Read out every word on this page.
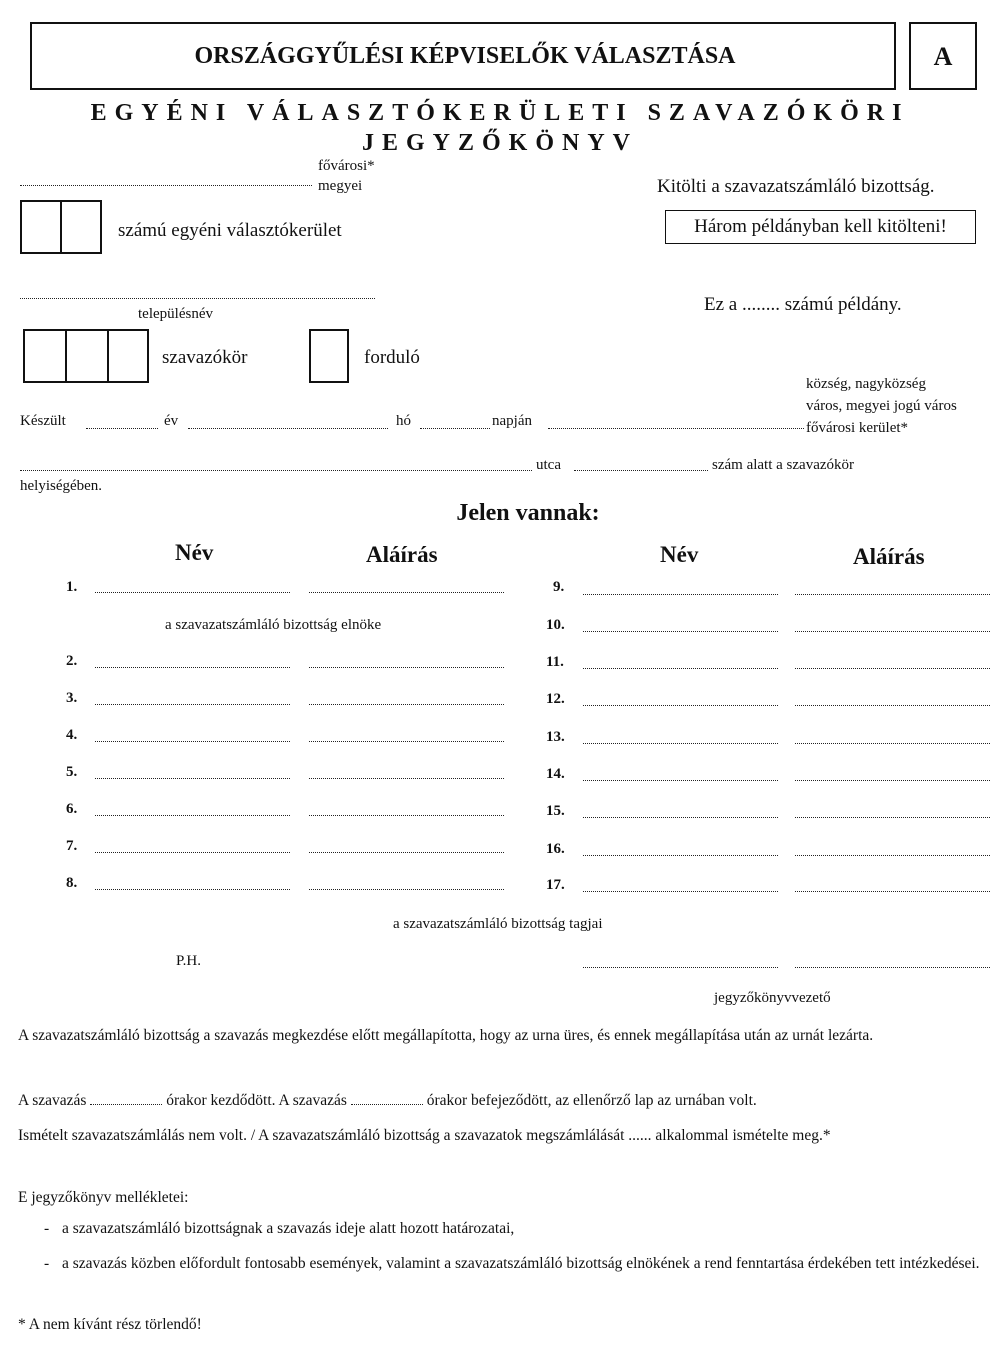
ORSZÁGGYŰLÉSI KÉPVISELŐK VÁLASZTÁSA	A
EGYÉNI VÁLASZTÓKERÜLETI SZAVAZÓKÖRI
JEGYZŐKÖNYV
fővárosi*
megyei	Kitölti a szavazatszámláló bizottság.
Három példányban kell kitölteni!
számú egyéni választókerület
településnév	Ez a ........ számú példány.
szavazókör	forduló
község, nagyközség
város, megyei jogú város
fővárosi kerület*
Készült	év	hó	napján
utca	szám alatt a szavazókör
helyiségében.
Jelen vannak:
Név	Aláírás	Név	Aláírás
1.
a szavazatszámláló bizottság elnöke
2.
3.
4.
5.
6.
7.
8.
9.
10.
11.
12.
13.
14.
15.
16.
17.
a szavazatszámláló bizottság tagjai
P.H.
jegyzőkönyvvezető
A szavazatszámláló bizottság a szavazás megkezdése előtt megállapította, hogy az urna üres, és ennek megállapítása után az urnát lezárta.
A szavazás	órakor kezdődött. A szavazás	órakor befejeződött, az ellenőrző lap az urnában volt.
Ismételt szavazatszámlálás nem volt. / A szavazatszámláló bizottság a szavazatok megszámlálását ...... alkalommal ismételte meg.*
E jegyzőkönyv mellékletei:
- a szavazatszámláló bizottságnak a szavazás ideje alatt hozott határozatai,
- a szavazás közben előfordult fontosabb események, valamint a szavazatszámláló bizottság elnökének a rend fenntartása érdekében tett intézkedései.
* A nem kívánt rész törlendő!
